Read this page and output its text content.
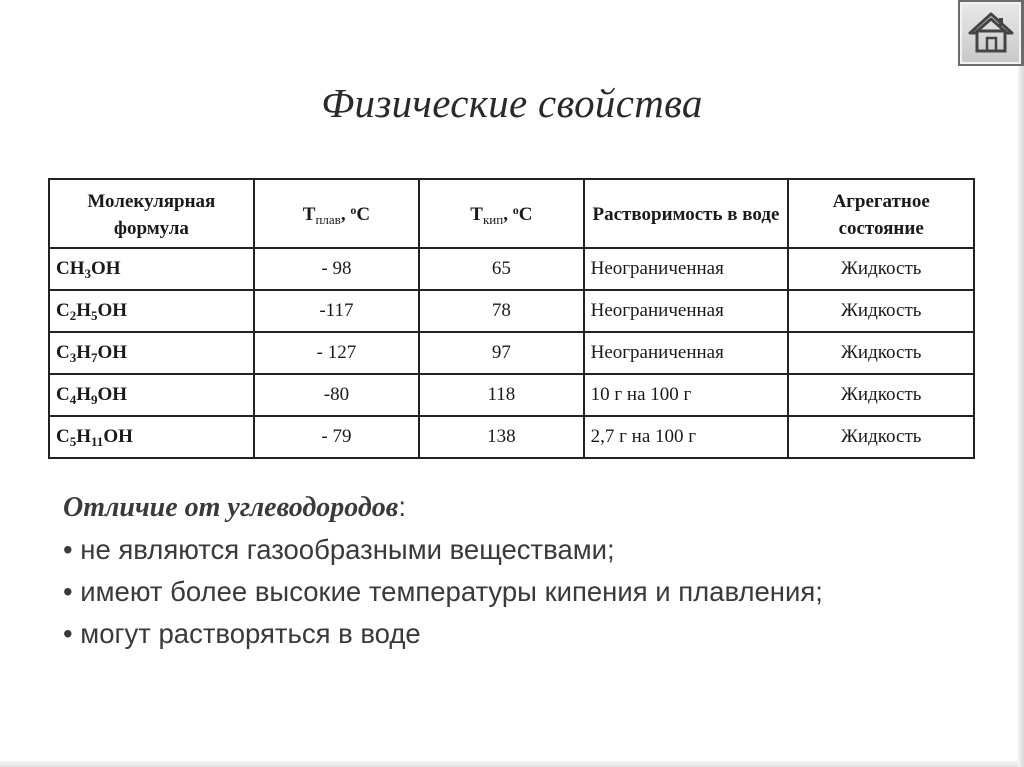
Физические свойства
Молекулярная формула	$Т_{плав}$, $^о$С	$Т_{кип}$, $^о$С	Растворимость в воде	Агрегатное состояние
$CH_3OH$	- 98	65	Неограниченная	Жидкость
$C_2H_5OH$	-117	78	Неограниченная	Жидкость
$C_3H_7OH$	- 127	97	Неограниченная	Жидкость
$C_4H_9OH$	-80	118	10 г на 100 г	Жидкость
$C_5H_{11}OH$	- 79	138	2,7 г на 100 г	Жидкость
Отличие от углеводородов:
• не являются газообразными веществами;
• имеют более высокие температуры кипения и плавления;
• могут растворяться в воде
